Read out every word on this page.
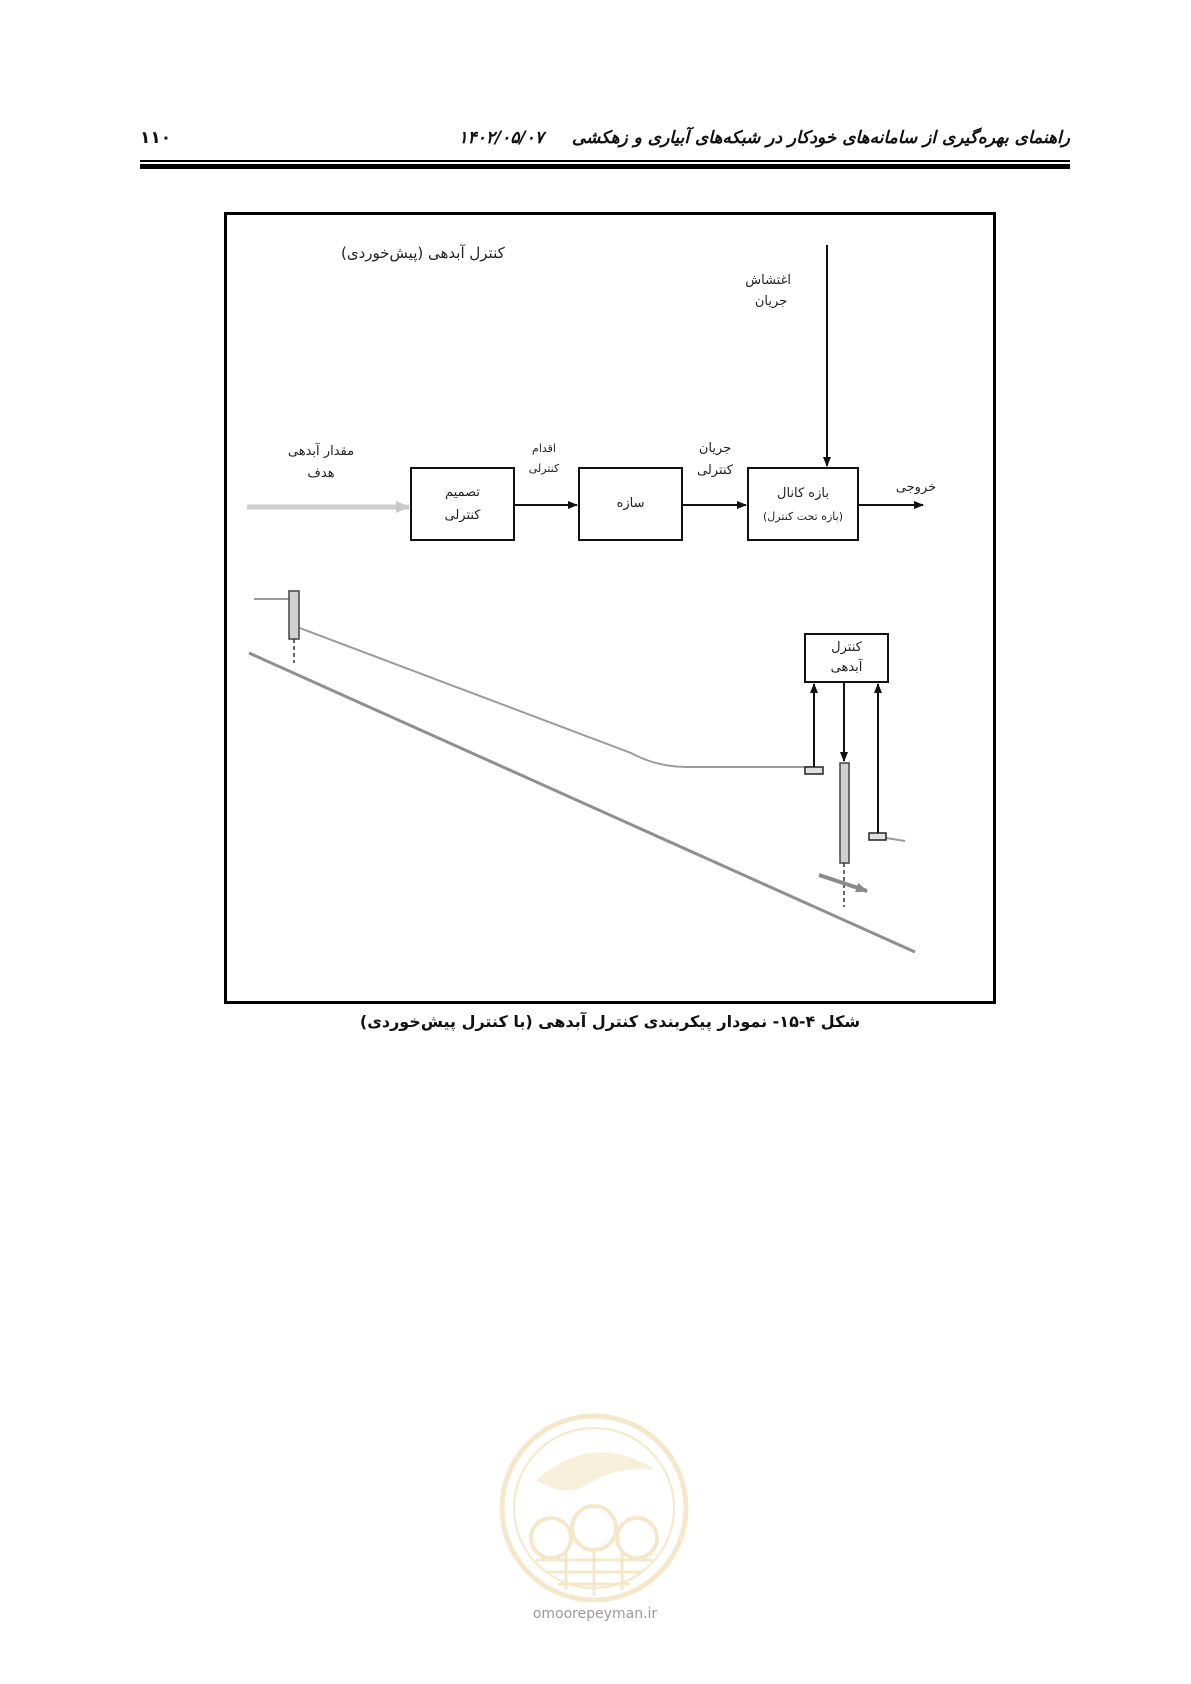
۱۱۰	راهنمای بهره‌گیری از سامانه‌های خودکار در شبکه‌های آبیاری و زهکشی ۱۴۰۲/۰۵/۰۷
کنترل آبدهی (پیش‌خوردی)
اغتشاش
جریان
مقدار آبدهی
هدف
اقدام
کنترلی
جریان
کنترلی
خروجی
تصمیم
کنترلی
سازه
بازه کانال
(بازه تحت کنترل)
کنترل
آبدهی
شکل ۴-۱۵- نمودار پیکربندی کنترل آبدهی (با کنترل پیش‌خوردی)
omoorepeyman.ir
